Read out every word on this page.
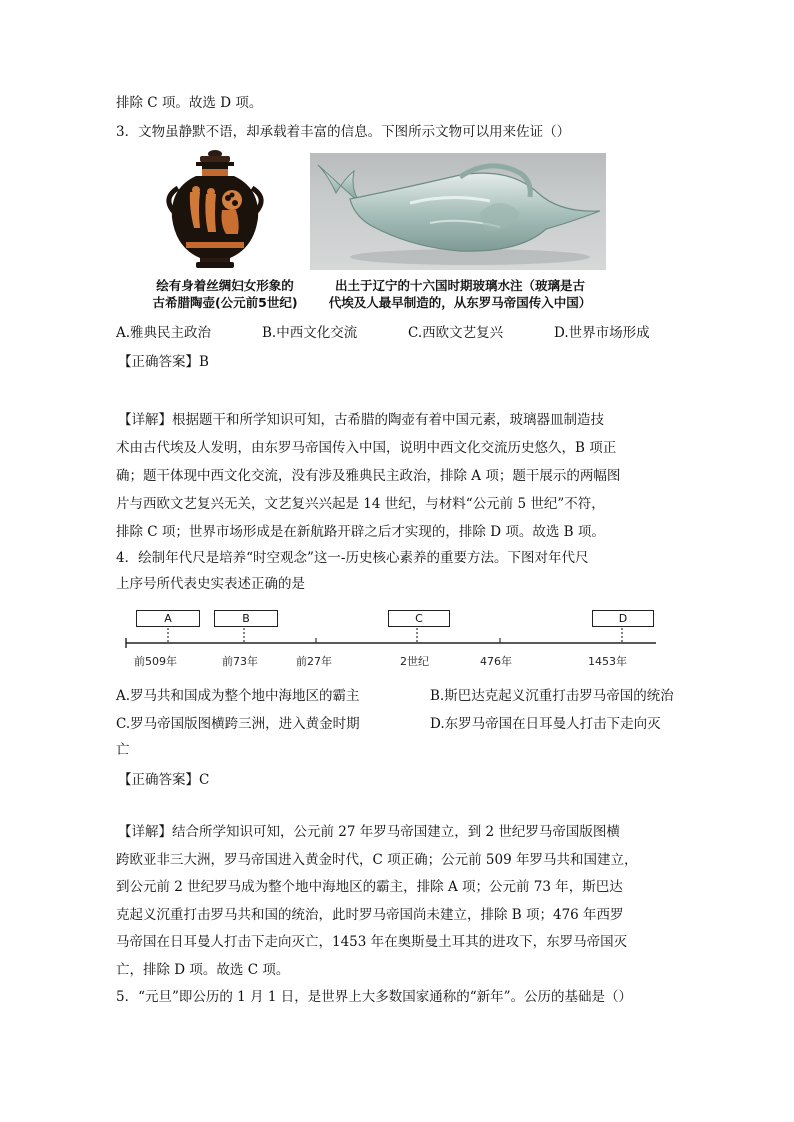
排除 C 项。故选 D 项。
3．文物虽静默不语，却承载着丰富的信息。下图所示文物可以用来佐证（）
绘有身着丝绸妇女形象的
古希腊陶壶(公元前5世纪)
出土于辽宁的十六国时期玻璃水注（玻璃是古
代埃及人最早制造的，从东罗马帝国传入中国）
A.雅典民主政治	B.中西文化交流	C.西欧文艺复兴	D.世界市场形成
【正确答案】B
【详解】根据题干和所学知识可知，古希腊的陶壶有着中国元素，玻璃器皿制造技
术由古代埃及人发明，由东罗马帝国传入中国，说明中西文化交流历史悠久，B 项正
确；题干体现中西文化交流，没有涉及雅典民主政治，排除 A 项；题干展示的两幅图
片与西欧文艺复兴无关，文艺复兴兴起是 14 世纪，与材料“公元前 5 世纪”不符，
排除 C 项；世界市场形成是在新航路开辟之后才实现的，排除 D 项。故选 B 项。
4．绘制年代尺是培养“时空观念”这一-历史核心素养的重要方法。下图对年代尺
上序号所代表史实表述正确的是
A	B	C	D
前509年	前73年	前27年	2世纪	476年	1453年
A.罗马共和国成为整个地中海地区的霸主	B.斯巴达克起义沉重打击罗马帝国的统治
C.罗马帝国版图横跨三洲，进入黄金时期	D.东罗马帝国在日耳曼人打击下走向灭
亡
【正确答案】C
【详解】结合所学知识可知，公元前 27 年罗马帝国建立，到 2 世纪罗马帝国版图横
跨欧亚非三大洲，罗马帝国进入黄金时代，C 项正确；公元前 509 年罗马共和国建立，
到公元前 2 世纪罗马成为整个地中海地区的霸主，排除 A 项；公元前 73 年，斯巴达
克起义沉重打击罗马共和国的统治，此时罗马帝国尚未建立，排除 B 项；476 年西罗
马帝国在日耳曼人打击下走向灭亡，1453 年在奥斯曼土耳其的进攻下，东罗马帝国灭
亡，排除 D 项。故选 C 项。
5．“元旦”即公历的 1 月 1 日，是世界上大多数国家通称的“新年”。公历的基础是（）
